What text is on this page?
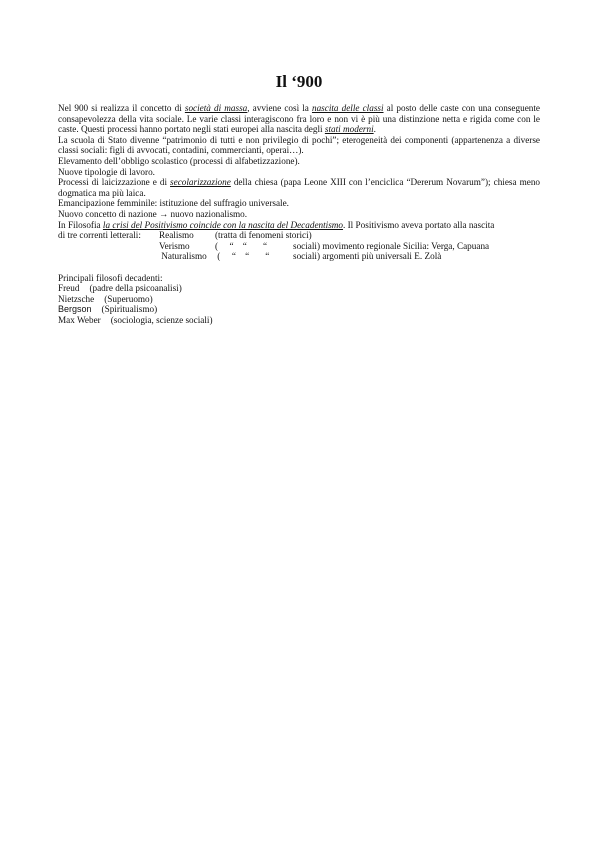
Il ‘900

Nel 900 si realizza il concetto di società di massa, avviene così la nascita delle classi al posto delle caste con una conseguente consapevolezza della vita sociale. Le varie classi interagiscono fra loro e non vi è più una distinzione netta e rigida come con le caste. Questi processi hanno portato negli stati europei alla nascita degli stati moderni.

La scuola di Stato divenne “patrimonio di tutti e non privilegio di pochi”; eterogeneità dei componenti (appartenenza a diverse classi sociali: figli di avvocati, contadini, commercianti, operai…).

Elevamento dell’obbligo scolastico (processi di alfabetizzazione).

Nuove tipologie di lavoro.

Processi di laicizzazione e di secolarizzazione della chiesa (papa Leone XIII con l’enciclica “Dererum Novarum”); chiesa meno dogmatica ma più laica.

Emancipazione femminile: istituzione del suffragio universale.

Nuovo concetto di nazione → nuovo nazionalismo.

In Filosofia la crisi del Positivismo coincide con la nascita del Decadentismo. Il Positivismo aveva portato alla nascita

di tre correnti letterali:	Realismo	(tratta di fenomeni storici)
Verismo	(     “    “       “	sociali) movimento regionale Sicilia: Verga, Capuana
Naturalismo (     “    “       “	sociali) argomenti più universali E. Zolà

Principali filosofi decadenti:

Freud (padre della psicoanalisi)
Nietzsche (Superuomo)
Bergson (Spiritualismo)
Max Weber (sociologia, scienze sociali)
